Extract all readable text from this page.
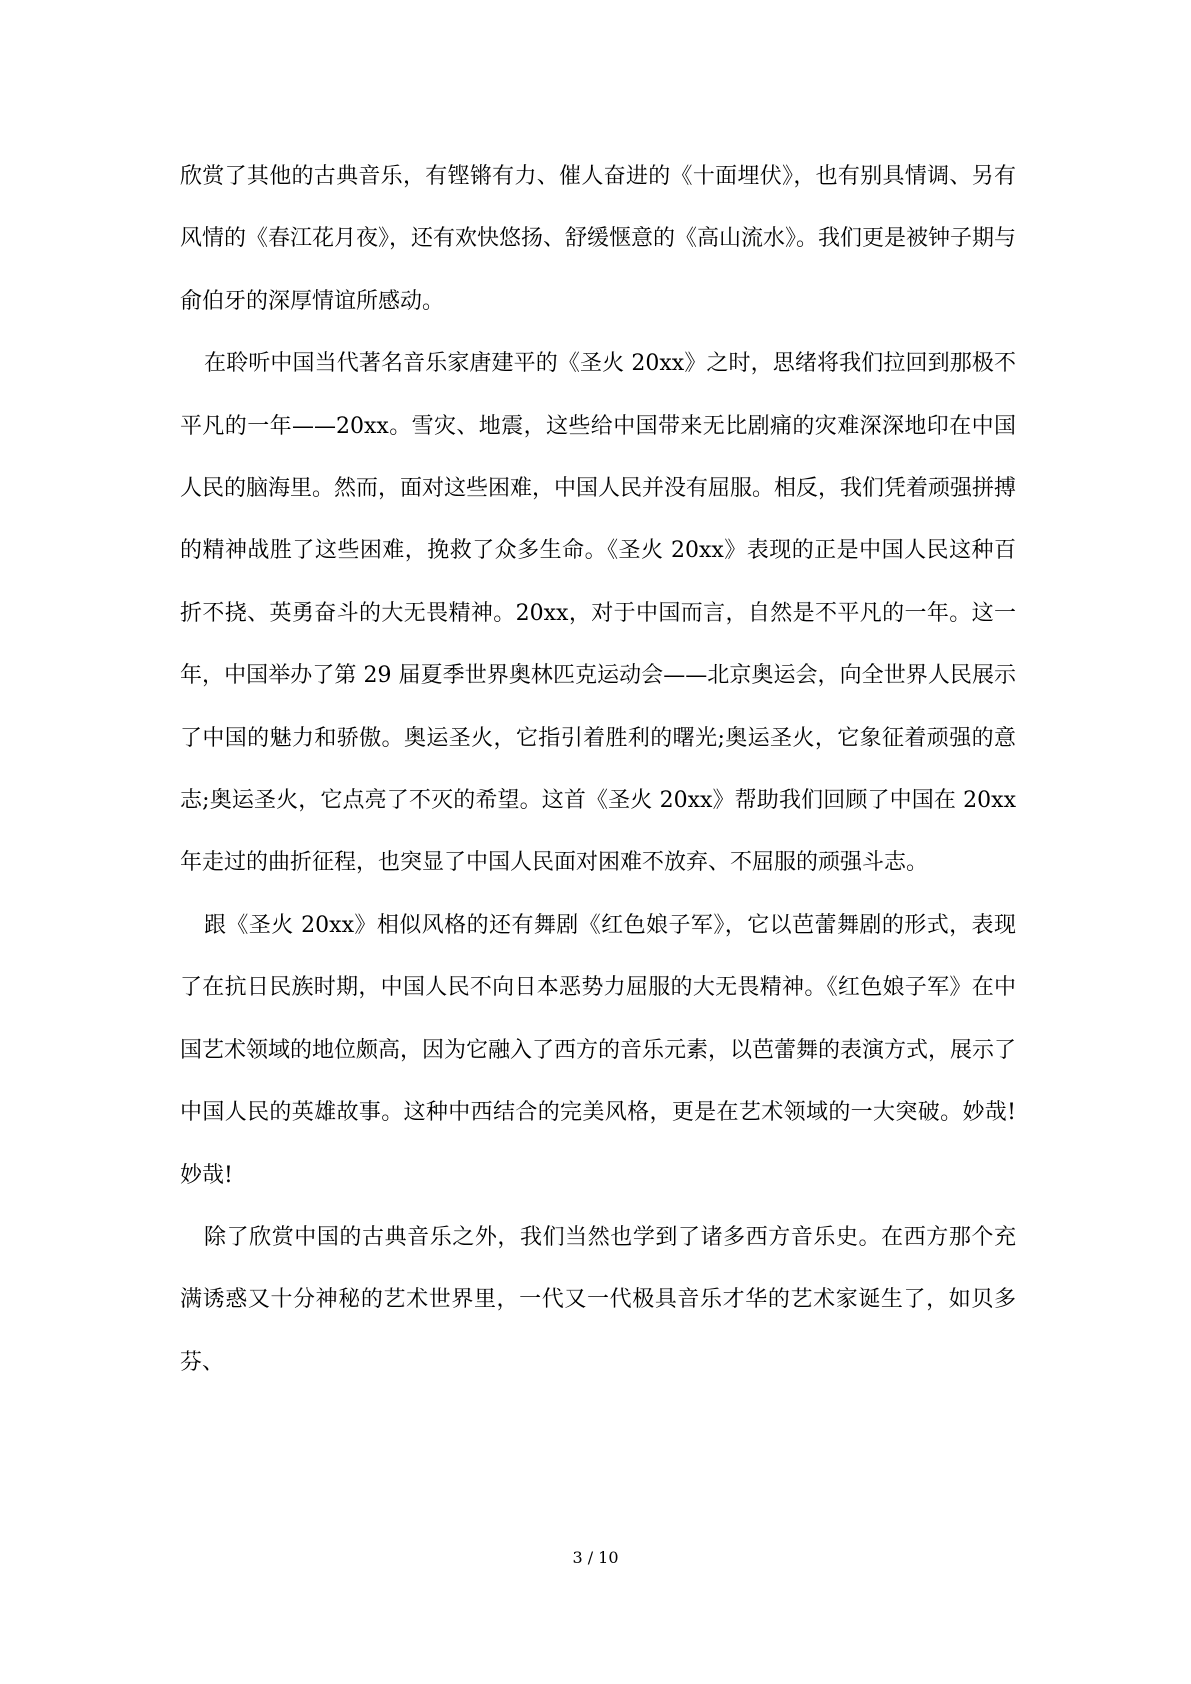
欣赏了其他的古典音乐，有铿锵有力、催人奋进的《十面埋伏》，也有别具情调、另有风情的《春江花月夜》，还有欢快悠扬、舒缓惬意的《高山流水》。我们更是被钟子期与俞伯牙的深厚情谊所感动。

在聆听中国当代著名音乐家唐建平的《圣火 20xx》之时，思绪将我们拉回到那极不平凡的一年——20xx。雪灾、地震，这些给中国带来无比剧痛的灾难深深地印在中国人民的脑海里。然而，面对这些困难，中国人民并没有屈服。相反，我们凭着顽强拼搏的精神战胜了这些困难，挽救了众多生命。《圣火 20xx》表现的正是中国人民这种百折不挠、英勇奋斗的大无畏精神。20xx，对于中国而言，自然是不平凡的一年。这一年，中国举办了第 29 届夏季世界奥林匹克运动会——北京奥运会，向全世界人民展示了中国的魅力和骄傲。奥运圣火，它指引着胜利的曙光;奥运圣火，它象征着顽强的意志;奥运圣火，它点亮了不灭的希望。这首《圣火 20xx》帮助我们回顾了中国在 20xx 年走过的曲折征程，也突显了中国人民面对困难不放弃、不屈服的顽强斗志。

跟《圣火 20xx》相似风格的还有舞剧《红色娘子军》，它以芭蕾舞剧的形式，表现了在抗日民族时期，中国人民不向日本恶势力屈服的大无畏精神。《红色娘子军》在中国艺术领域的地位颇高，因为它融入了西方的音乐元素，以芭蕾舞的表演方式，展示了中国人民的英雄故事。这种中西结合的完美风格，更是在艺术领域的一大突破。妙哉!妙哉!

除了欣赏中国的古典音乐之外，我们当然也学到了诸多西方音乐史。在西方那个充满诱惑又十分神秘的艺术世界里，一代又一代极具音乐才华的艺术家诞生了，如贝多芬、

3 / 10
